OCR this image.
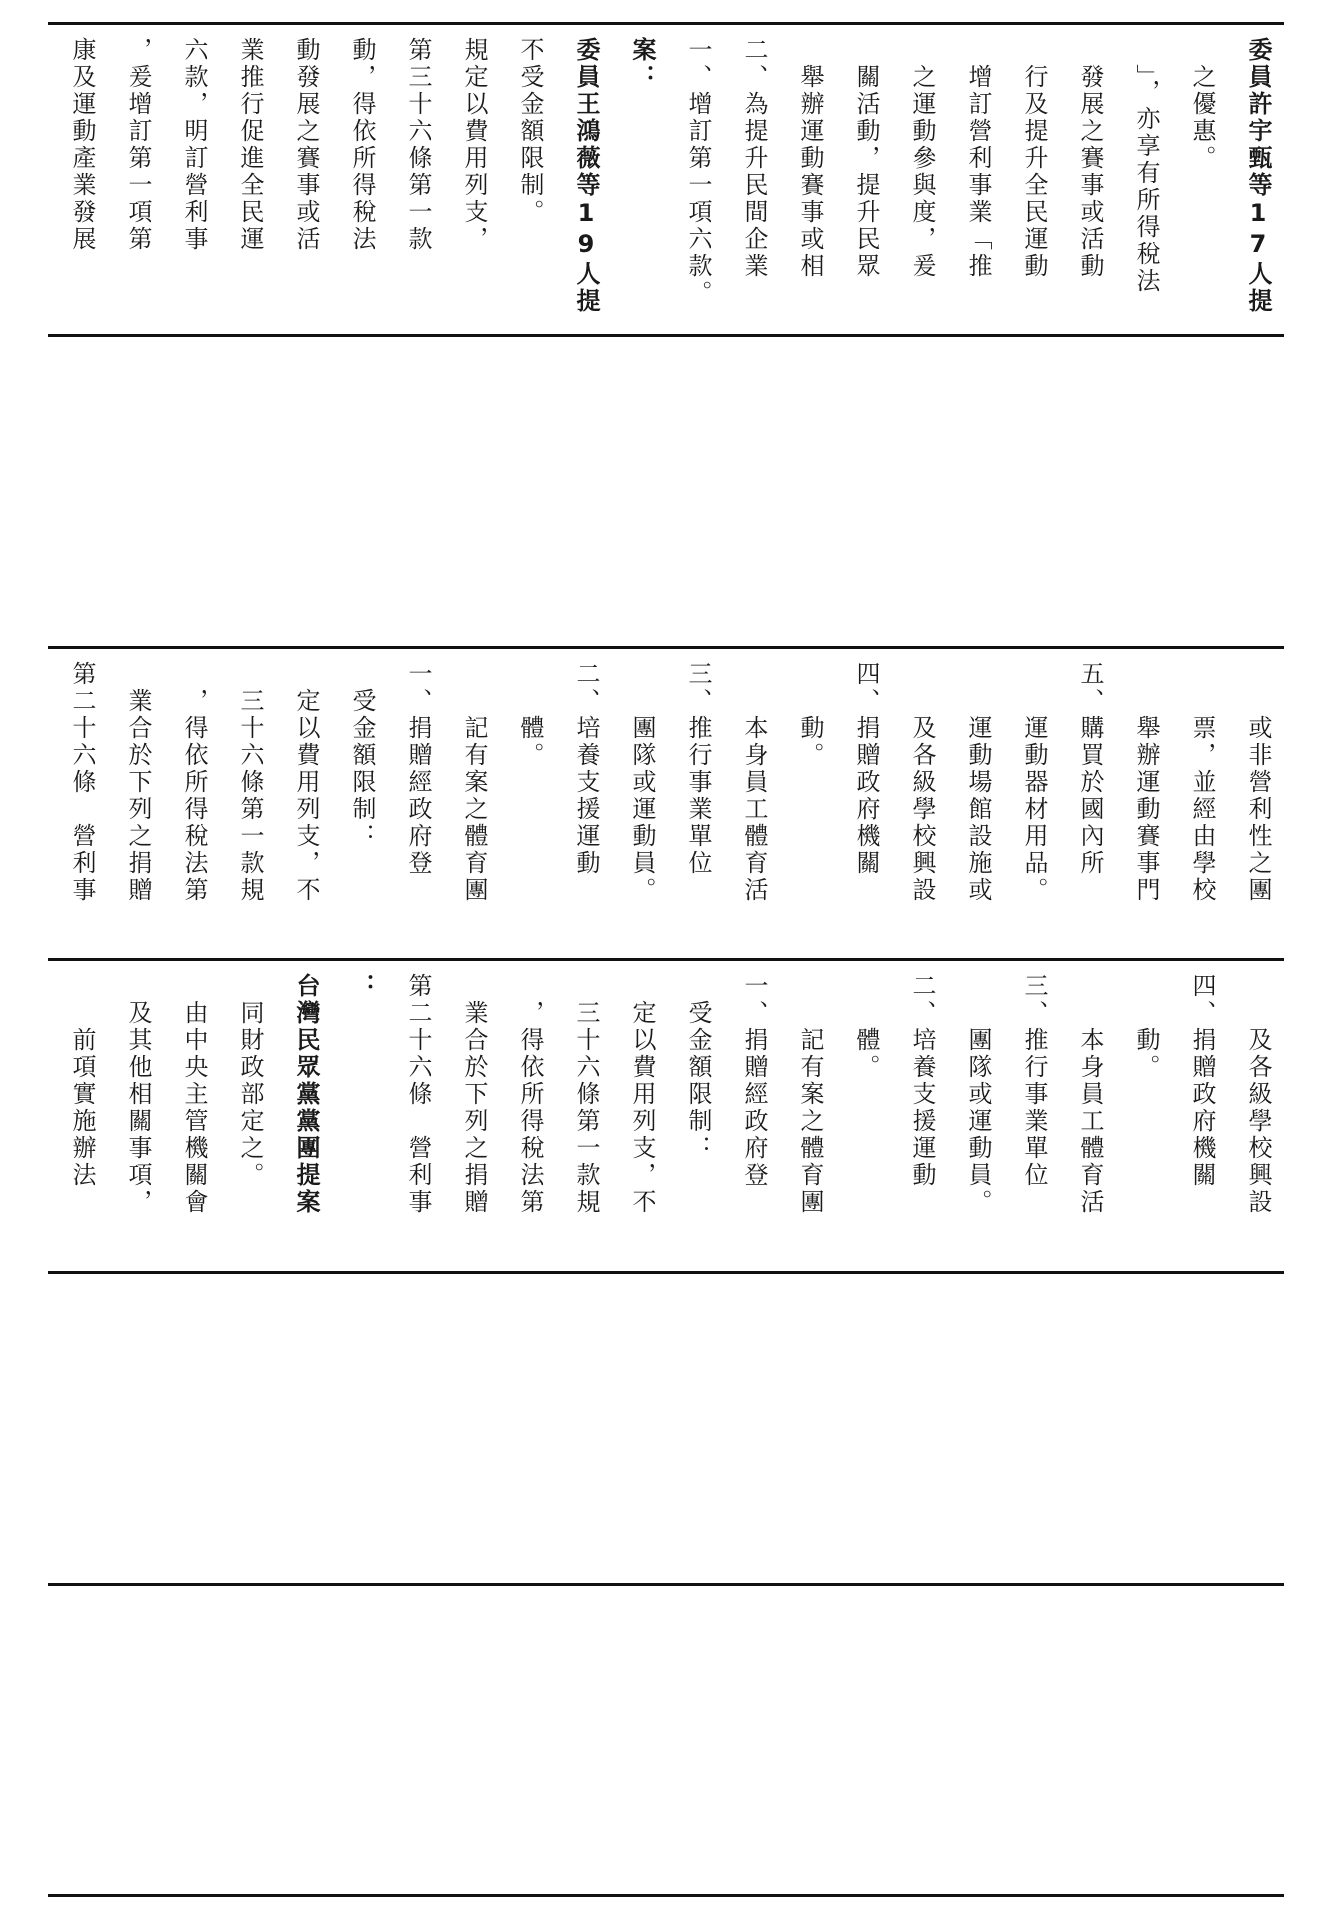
康及運動產業發展 ，爰增訂第一項第 六款，明訂營利事 業推行促進全民運 動發展之賽事或活 動，得依所得稅法 第三十六條第一款 規定以費用列支， 不受金額限制。 委員王鴻薇等19人提 案： 一、增訂第一項六款。 二、為提升民間企業 舉辦運動賽事或相 關活動，提升民眾 之運動參與度，爰 增訂營利事業「推 行及提升全民運動 發展之賽事或活動 」，亦享有所得稅法 之優惠。 委員許宇甄等17人提
第二十六條　營利事 業合於下列之捐贈 ，得依所得稅法第 三十六條第一款規 定以費用列支，不 受金額限制： 一、捐贈經政府登 記有案之體育團 體。 二、培養支援運動 團隊或運動員。 三、推行事業單位 本身員工體育活 動。 四、捐贈政府機關 及各級學校興設 運動場館設施或 運動器材用品。 五、購買於國內所 舉辦運動賽事門 票，並經由學校 或非營利性之團
前項實施辦法 及其他相關事項， 由中央主管機關會 同財政部定之。 台灣民眾黨黨團提案 ： 第二十六條　營利事 業合於下列之捐贈 ，得依所得稅法第 三十六條第一款規 定以費用列支，不 受金額限制： 一、捐贈經政府登 記有案之體育團 體。 二、培養支援運動 團隊或運動員。 三、推行事業單位 本身員工體育活 動。 四、捐贈政府機關 及各級學校興設
